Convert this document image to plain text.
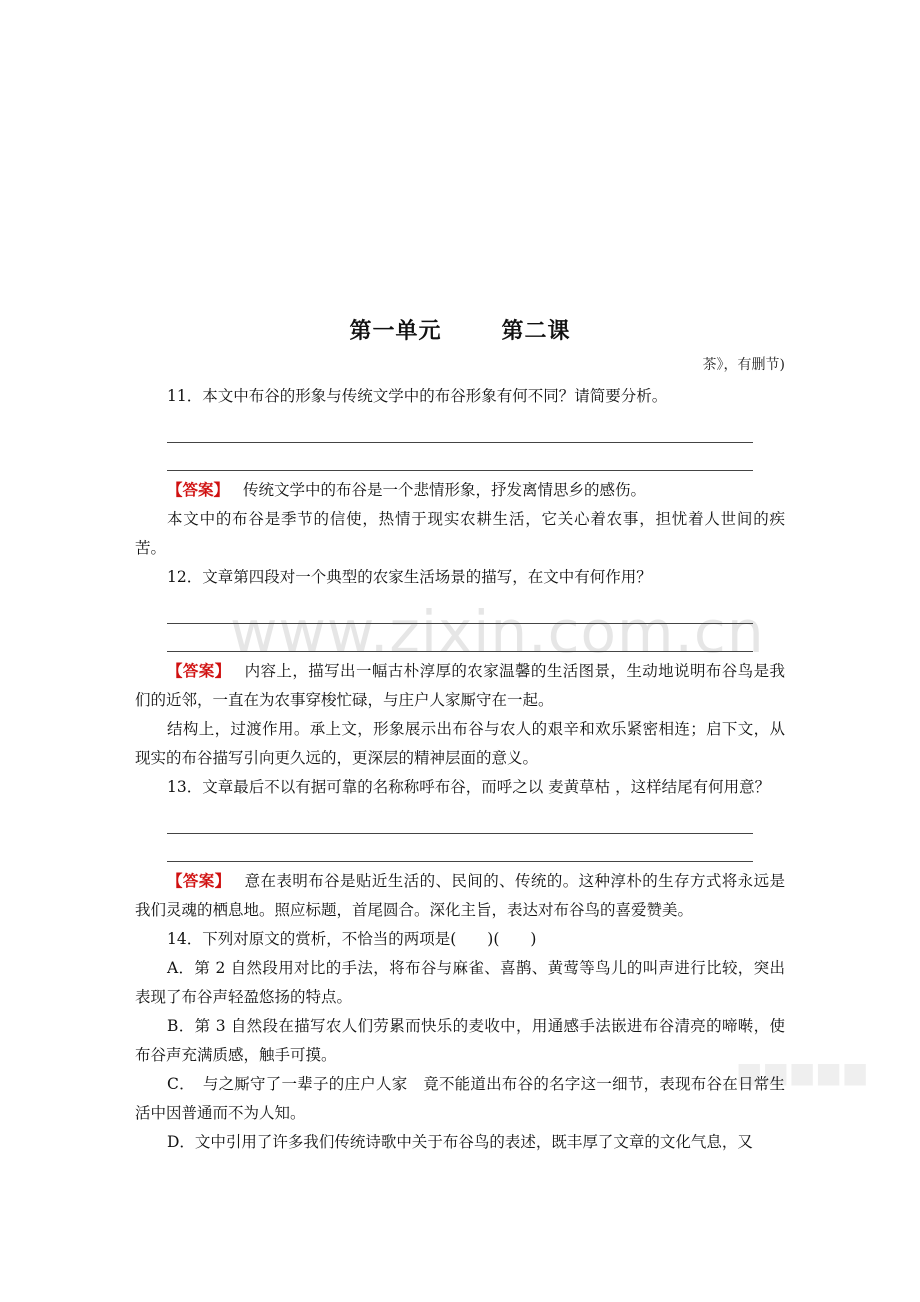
www.zixin.com.cn
■■■■■
第一单元	第二课
茶》，有删节)

11．本文中布谷的形象与传统文学中的布谷形象有何不同？请简要分析。

【答案】 传统文学中的布谷是一个悲情形象，抒发离情思乡的感伤。

本文中的布谷是季节的信使，热情于现实农耕生活，它关心着农事，担忧着人世间的疾苦。

12．文章第四段对一个典型的农家生活场景的描写，在文中有何作用？

【答案】 内容上，描写出一幅古朴淳厚的农家温馨的生活图景，生动地说明布谷鸟是我们的近邻，一直在为农事穿梭忙碌，与庄户人家厮守在一起。

结构上，过渡作用。承上文，形象展示出布谷与农人的艰辛和欢乐紧密相连；启下文，从现实的布谷描写引向更久远的，更深层的精神层面的意义。

13．文章最后不以有据可靠的名称称呼布谷，而呼之以 麦黄草枯 ，这样结尾有何用意？

【答案】 意在表明布谷是贴近生活的、民间的、传统的。这种淳朴的生存方式将永远是我们灵魂的栖息地。照应标题，首尾圆合。深化主旨，表达对布谷鸟的喜爱赞美。

14．下列对原文的赏析，不恰当的两项是(　　)(　　)

A．第 2 自然段用对比的手法，将布谷与麻雀、喜鹊、黄莺等鸟儿的叫声进行比较，突出表现了布谷声轻盈悠扬的特点。

B．第 3 自然段在描写农人们劳累而快乐的麦收中，用通感手法嵌进布谷清亮的啼啭，使布谷声充满质感，触手可摸。

C．　与之厮守了一辈子的庄户人家　竟不能道出布谷的名字这一细节，表现布谷在日常生活中因普通而不为人知。

D．文中引用了许多我们传统诗歌中关于布谷鸟的表述，既丰厚了文章的文化气息，又
